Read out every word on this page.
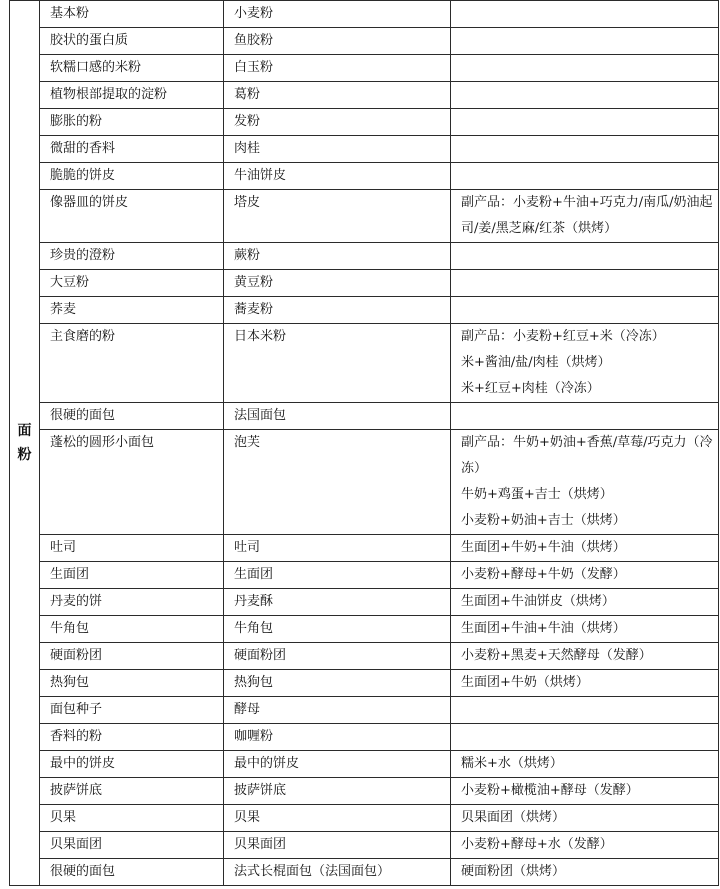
面
粉	基本粉	小麦粉	
	胶状的蛋白质	鱼胶粉	
	软糯口感的米粉	白玉粉	
	植物根部提取的淀粉	葛粉	
	膨胀的粉	发粉	
	微甜的香料	肉桂	
	脆脆的饼皮	牛油饼皮	
	像器皿的饼皮	塔皮	副产品：小麦粉+牛油+巧克力/南瓜/奶油起司/姜/黑芝麻/红茶（烘烤）

	珍贵的澄粉	蕨粉	
	大豆粉	黄豆粉	
	荞麦	蕎麦粉	
	主食磨的粉	日本米粉	副产品：小麦粉+红豆+米（冷冻）
米+酱油/盐/肉桂（烘烤）
米+红豆+肉桂（冷冻）

	很硬的面包	法国面包	
	蓬松的圆形小面包	泡芙	副产品：牛奶+奶油+香蕉/草莓/巧克力（冷冻）
牛奶+鸡蛋+吉士（烘烤）
小麦粉+奶油+吉士（烘烤）

	吐司	吐司	生面团+牛奶+牛油（烘烤）

	生面团	生面团	小麦粉+酵母+牛奶（发酵）

	丹麦的饼	丹麦酥	生面团+牛油饼皮（烘烤）

	牛角包	牛角包	生面团+牛油+牛油（烘烤）

	硬面粉团	硬面粉团	小麦粉+黑麦+天然酵母（发酵）

	热狗包	热狗包	生面团+牛奶（烘烤）

	面包种子	酵母	
	香料的粉	咖喱粉	
	最中的饼皮	最中的饼皮	糯米+水（烘烤）

	披萨饼底	披萨饼底	小麦粉+橄榄油+酵母（发酵）

	贝果	贝果	贝果面团（烘烤）

	贝果面团	贝果面团	小麦粉+酵母+水（发酵）

	很硬的面包	法式长棍面包（法国面包）	硬面粉团（烘烤）
